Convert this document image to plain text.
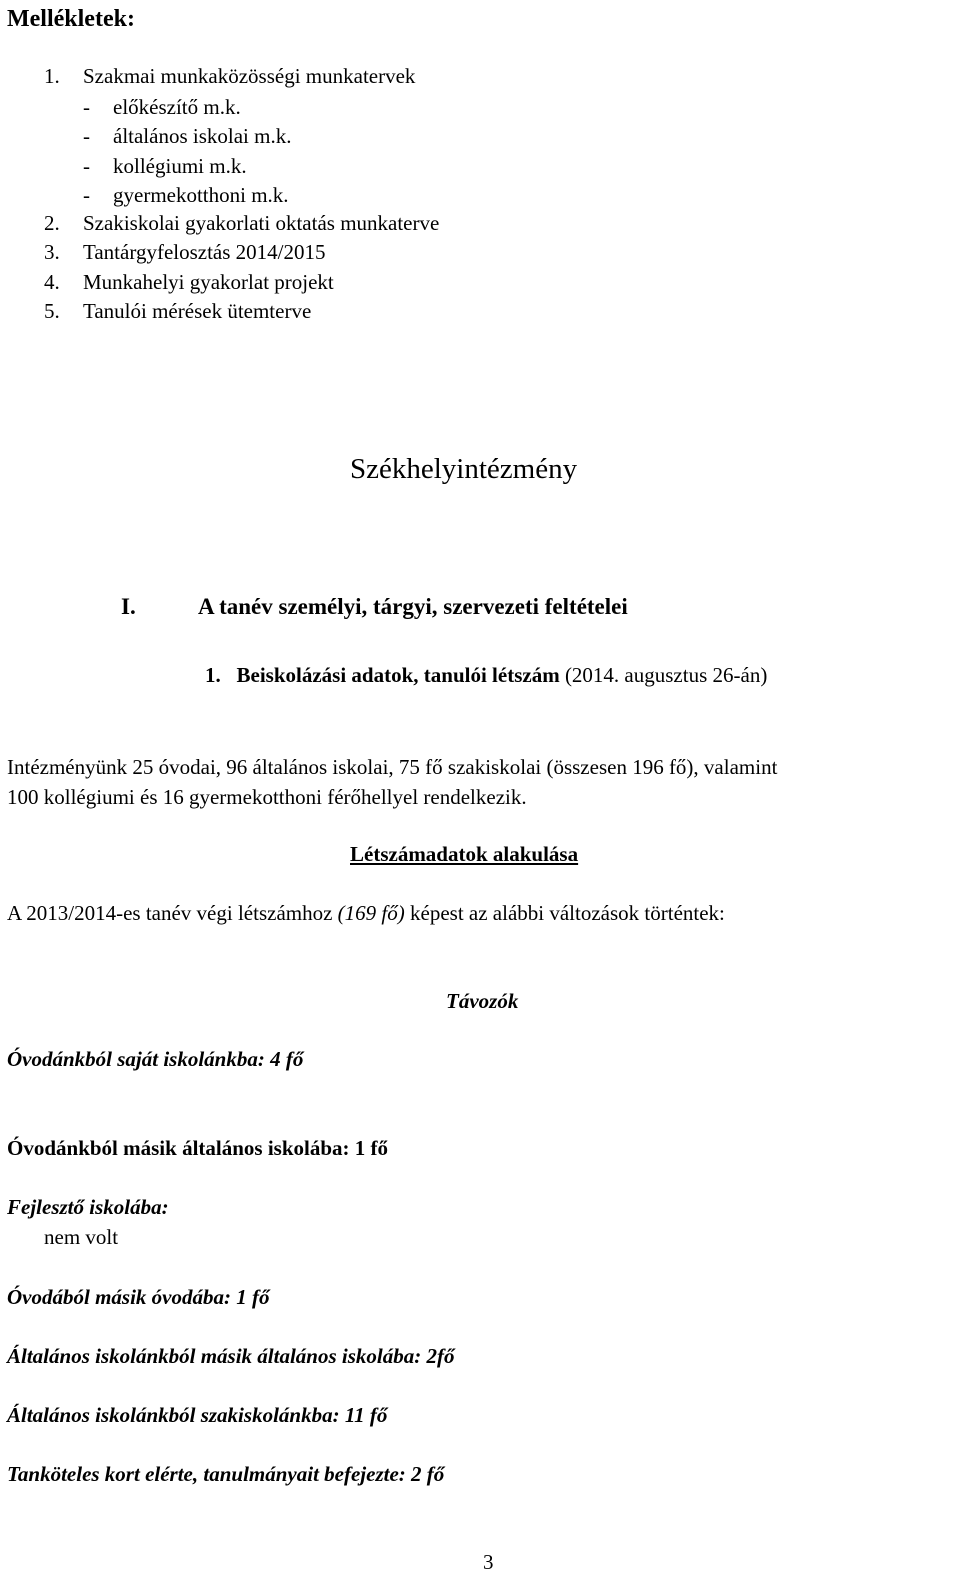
Mellékletek:
1. Szakmai munkaközösségi munkatervek
- előkészítő m.k.
- általános iskolai m.k.
- kollégiumi m.k.
- gyermekotthoni m.k.
2. Szakiskolai gyakorlati oktatás munkaterve
3. Tantárgyfelosztás 2014/2015
4. Munkahelyi gyakorlat projekt
5. Tanulói mérések ütemterve
Székhelyintézmény
I.	A tanév személyi, tárgyi, szervezeti feltételei
1. Beiskolázási adatok, tanulói létszám (2014. augusztus 26-án)
Intézményünk 25 óvodai, 96 általános iskolai, 75 fő szakiskolai (összesen 196 fő), valamint
100 kollégiumi és 16 gyermekotthoni férőhellyel rendelkezik.
Létszámadatok alakulása
A 2013/2014-es tanév végi létszámhoz (169 fő) képest az alábbi változások történtek:
Távozók
Óvodánkból saját iskolánkba: 4 fő
Óvodánkból másik általános iskolába: 1 fő
Fejlesztő iskolába:
nem volt
Óvodából másik óvodába: 1 fő
Általános iskolánkból másik általános iskolába: 2fő
Általános iskolánkból szakiskolánkba: 11 fő
Tanköteles kort elérte, tanulmányait befejezte: 2 fő
3
